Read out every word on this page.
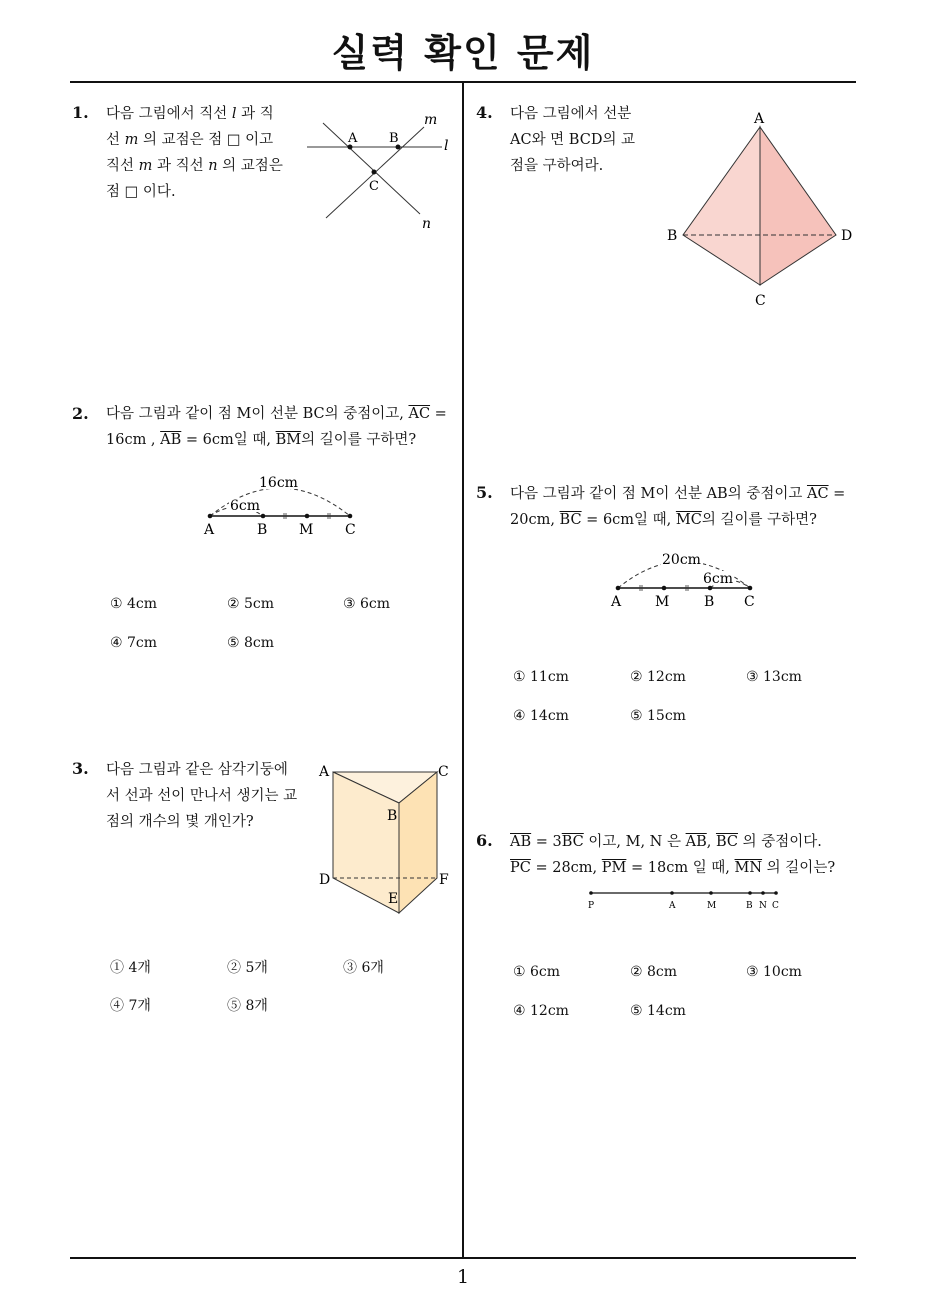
실력 확인 문제
1
1. 다음 그림에서 직선 l 과 직
선 m 의 교점은 점 □ 이고
직선 m 과 직선 n 의 교점은
점 □ 이다.
A B
C
l
m
n
2. 다음 그림과 같이 점 M이 선분 BC의 중점이고, $\overline{AC}$ =
16cm , $\overline{AB} = 6cm$일 때, $\overline{BM}$의 길이를 구하면?
16cm
6cm
A	B M C
① 4cm	② 5cm	③ 6cm
④ 7cm	⑤ 8cm
3. 다음 그림과 같은 삼각기둥에
서 선과 선이 만나서 생기는 교
점의 개수의 몇 개인가?
A	C
B
D	F
E
① 4개	② 5개	③ 6개
④ 7개	⑤ 8개
4. 다음 그림에서 선분
AC와 면 BCD의 교
점을 구하여라.
A
B	D
C
5. 다음 그림과 같이 점 M이 선분 AB의 중점이고 $\overline{AC}$ =
20cm, $\overline{BC} = 6cm$일 때, $\overline{MC}$의 길이를 구하면?
20cm
6cm
A M B C
① 11cm	② 12cm	③ 13cm
④ 14cm	⑤ 15cm
6. $\overline{AB} = 3\overline{BC}$ 이고, M, N 은 $\overline{AB}$, $\overline{BC}$ 의 중점이다.
$\overline{PC} = 28cm$, $\overline{PM} = 18cm$ 일 때, $\overline{MN}$ 의 길이는?
P	A	M	B N C
① 6cm	② 8cm	③ 10cm
④ 12cm	⑤ 14cm
